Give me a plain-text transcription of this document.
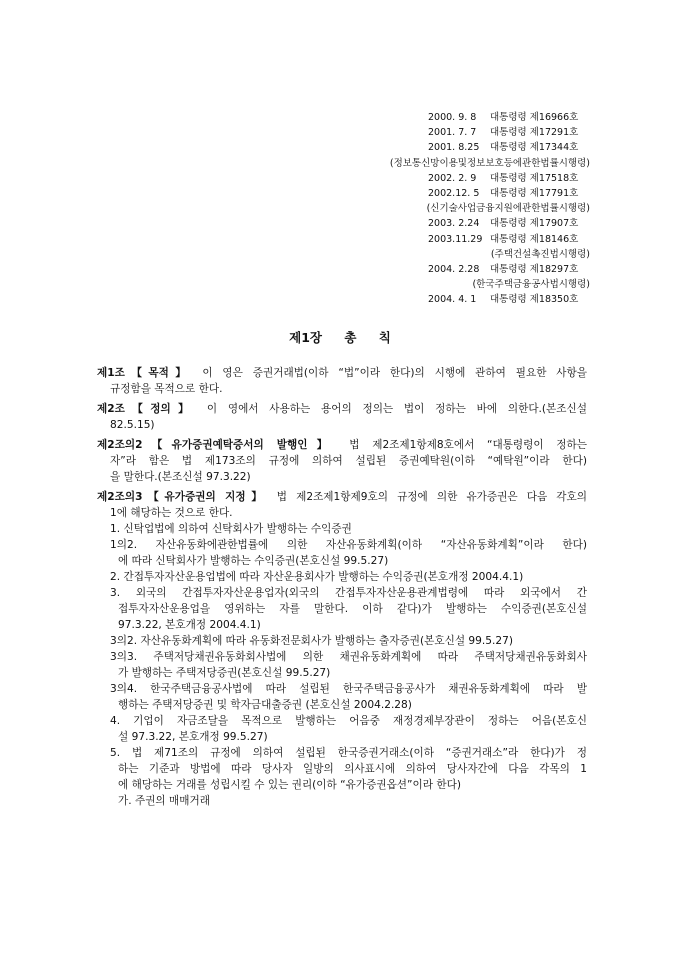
2000. 9. 8	대통령령 제16966호
2001. 7. 7	대통령령 제17291호
2001. 8.25	대통령령 제17344호
(정보통신망이용및정보보호등에관한법률시행령)
2002. 2. 9	대통령령 제17518호
2002.12. 5	대통령령 제17791호
(신기술사업금융지원에관한법률시행령)
2003. 2.24	대통령령 제17907호
2003.11.29 대통령령 제18146호
(주택건설촉진법시행령)
2004. 2.28	대통령령 제18297호
(한국주택금융공사법시행령)
2004. 4. 1	대통령령 제18350호
제1장 총 칙
제1조【목적】 이 영은 증권거래법(이하 “법”이라 한다)의 시행에 관하여 필요한 사항을
규정함을 목적으로 한다.
제2조【정의】 이 영에서 사용하는 용어의 정의는 법이 정하는 바에 의한다.(본조신설
82.5.15)
제2조의2【유가증권예탁증서의 발행인】 법 제2조제1항제8호에서 “대통령령이 정하는
자”라 함은 법 제173조의 규정에 의하여 설립된 증권예탁원(이하 “예탁원”이라 한다)
을 말한다.(본조신설 97.3.22)
제2조의3【유가증권의 지정】 법 제2조제1항제9호의 규정에 의한 유가증권은 다음 각호의
1에 해당하는 것으로 한다.
1. 신탁업법에 의하여 신탁회사가 발행하는 수익증권
1의2. 자산유동화에관한법률에 의한 자산유동화계획(이하 “자산유동화계획”이라 한다)
에 따라 신탁회사가 발행하는 수익증권(본호신설 99.5.27)
2. 간접투자자산운용업법에 따라 자산운용회사가 발행하는 수익증권(본호개정 2004.4.1)
3. 외국의 간접투자자산운용업자(외국의 간접투자자산운용관계법령에 따라 외국에서 간
접투자자산운용업을 영위하는 자를 말한다. 이하 같다)가 발행하는 수익증권(본호신설
97.3.22, 본호개정 2004.4.1)
3의2. 자산유동화계획에 따라 유동화전문회사가 발행하는 출자증권(본호신설 99.5.27)
3의3. 주택저당채권유동화회사법에 의한 채권유동화계획에 따라 주택저당채권유동화회사
가 발행하는 주택저당증권(본호신설 99.5.27)
3의4. 한국주택금융공사법에 따라 설립된 한국주택금융공사가 채권유동화계획에 따라 발
행하는 주택저당증권 및 학자금대출증권 (본호신설 2004.2.28)
4. 기업이 자금조달을 목적으로 발행하는 어음중 재정경제부장관이 정하는 어음(본호신
설 97.3.22, 본호개정 99.5.27)
5. 법 제71조의 규정에 의하여 설립된 한국증권거래소(이하 “증권거래소”라 한다)가 정
하는 기준과 방법에 따라 당사자 일방의 의사표시에 의하여 당사자간에 다음 각목의 1
에 해당하는 거래를 성립시킬 수 있는 권리(이하 “유가증권옵션”이라 한다)
가. 주권의 매매거래
